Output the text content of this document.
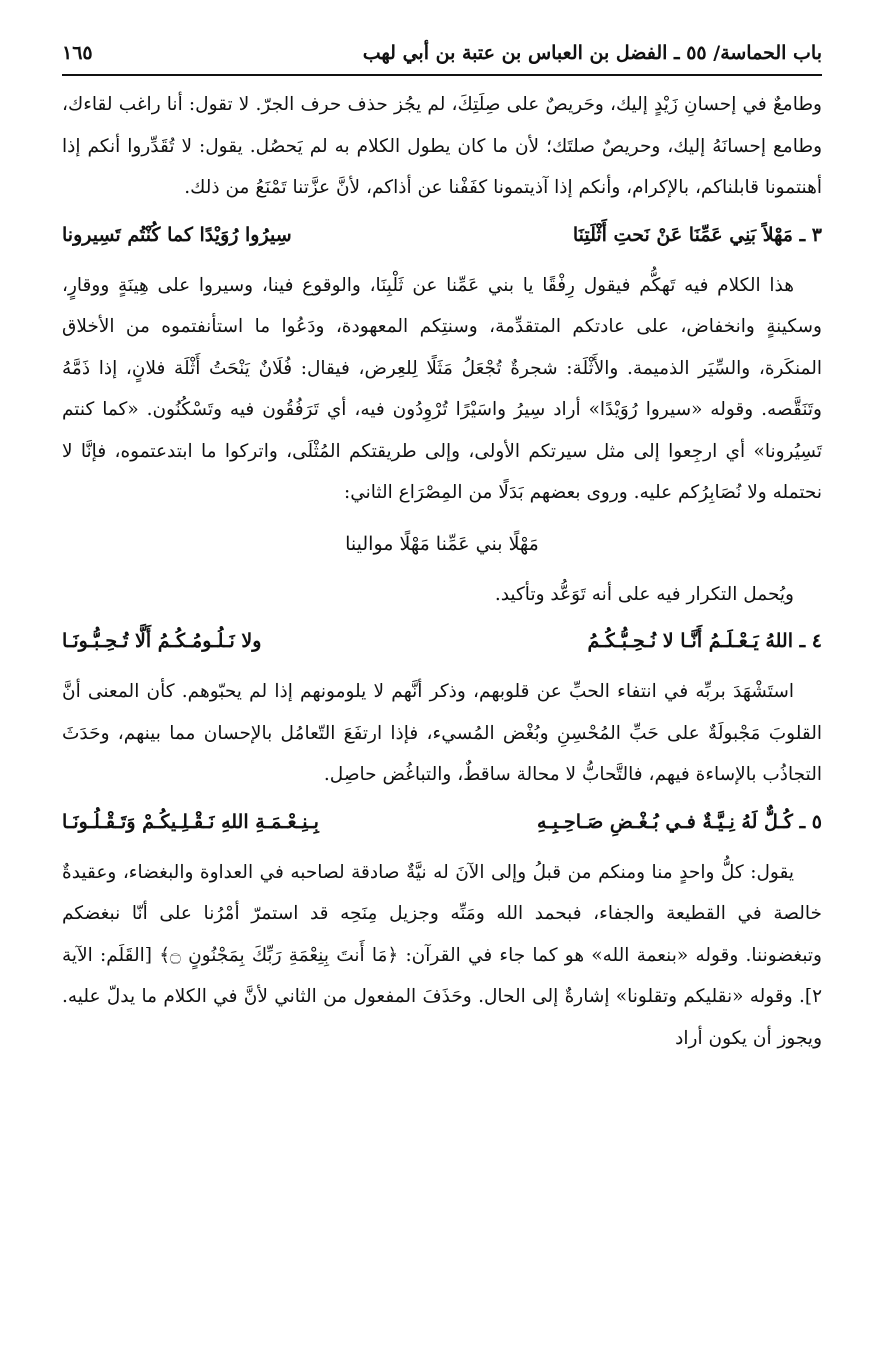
باب الحماسة/ ٥٥ ـ الفضل بن العباس بن عتبة بن أبي لهب
١٦٥

وطامعٌ في إحسانِ زَيْدٍ إليك، وحَريصٌ على صِلَتِكَ، لم يجُز حذف حرف الجرّ. لا تقول: أنا راغب لقاءك، وطامع إحسانَهُ إليك، وحريصٌ صلتَك؛ لأن ما كان يطول الكلام به لم يَحصُل. يقول: لا تُقَدِّروا أنكم إذا أهنتمونا قابلناكم، بالإكرام، وأنكم إذا آذيتمونا كفَفْنا عن أذاكم، لأنَّ عزَّتنا تَمْنَعُ من ذلك.

٣ ـ مَهْلاً بَنِي عَمِّنَا عَنْ نَحتِ أَثْلَتِنَا
سِيرُوا رُوَيْدًا كما كُنْتُم تَسِيرونا

هذا الكلام فيه تَهكُّم فيقول رِفْقًا يا بني عَمِّنا عن ثَلْبِنَا، والوقوع فينا، وسيروا على هِينَةٍ ووقارٍ، وسكينةٍ وانخفاض، على عادتكم المتقدِّمة، وسنتِكم المعهودة، ودَعُوا ما استأنفتموه من الأخلاق المنكَرة، والسِّيَر الذميمة. والأَثْلَة: شجرةٌ تُجْعَلُ مَثَلًا لِلعِرض، فيقال: فُلَانٌ يَنْحَتُ أَثْلَة فلانٍ، إذا ذَمَّهُ وتَنَقَّصه. وقوله «سيروا رُوَيْدًا» أراد سِيرُ واسَيْرًا تُرْوِدُون فيه، أي تَرَفُقُون فيه وتَسْكُنُون. «كما كنتم تَسِيُرونا» أي ارجِعوا إلى مثل سيرتكم الأولى، وإلى طريقتكم المُثْلَى، واتركوا ما ابتدعتموه، فإنَّا لا نحتمله ولا نُصَابِرُكم عليه. وروى بعضهم بَدَلًا من المِصْرَاع الثاني:

مَهْلًا بني عَمِّنا مَهْلًا موالينا

ويُحمل التكرار فيه على أنه تَوَعُّد وتأكيد.

٤ ـ اللهُ يَـعْـلَـمُ أَنَّـا لا نُـحِـبُّـكُـمُ
ولا نَـلُـومُـكُـمُ أَلَّا تُـحِـبُّـونَـا

استَشْهَدَ بربِّه في انتفاء الحبِّ عن قلوبهم، وذكر أنَّهم لا يلومونهم إذا لم يحبّوهم. كأن المعنى أنَّ القلوبَ مَجْبولَةٌ على حَبِّ المُحْسِنِ وبُغْض المُسيء، فإذا ارتفَعَ التّعامُل بالإحسان مما بينهم، وحَدَثَ التجاذُب بالإساءة فيهم، فالتَّحابُّ لا محالة ساقطٌ، والتباغُض حاصِل.

٥ ـ كُـلٌّ لَهُ نِـيَّـةٌ فـي بُـغْـضِ صَـاحِـبِـهِ
بِـنِـعْـمَـةِ اللهِ نَـقْـلِـيكُـمْ وَتَـقْـلُـونَـا

يقول: كلُّ واحدٍ منا ومنكم من قبلُ وإلى الآنَ له نيَّةٌ صادقة لصاحبه في العداوة والبغضاء، وعقيدةٌ خالصة في القطيعة والجفاء، فبحمد الله ومَنِّه وجزيل مِنَحِه قد استمرّ أمْرُنا على أنّا نبغضكم وتبغضوننا. وقوله «بنعمة الله» هو كما جاء في القرآن: ﴿مَا أَنتَ بِنِعْمَةِ رَبِّكَ بِمَجْنُونٍ ۝﴾ [القَلَم: الآية ٢]. وقوله «نقليكم وتقلونا» إشارةٌ إلى الحال. وحَذَفَ المفعول من الثاني لأنَّ في الكلام ما يدلّ عليه. ويجوز أن يكون أراد
